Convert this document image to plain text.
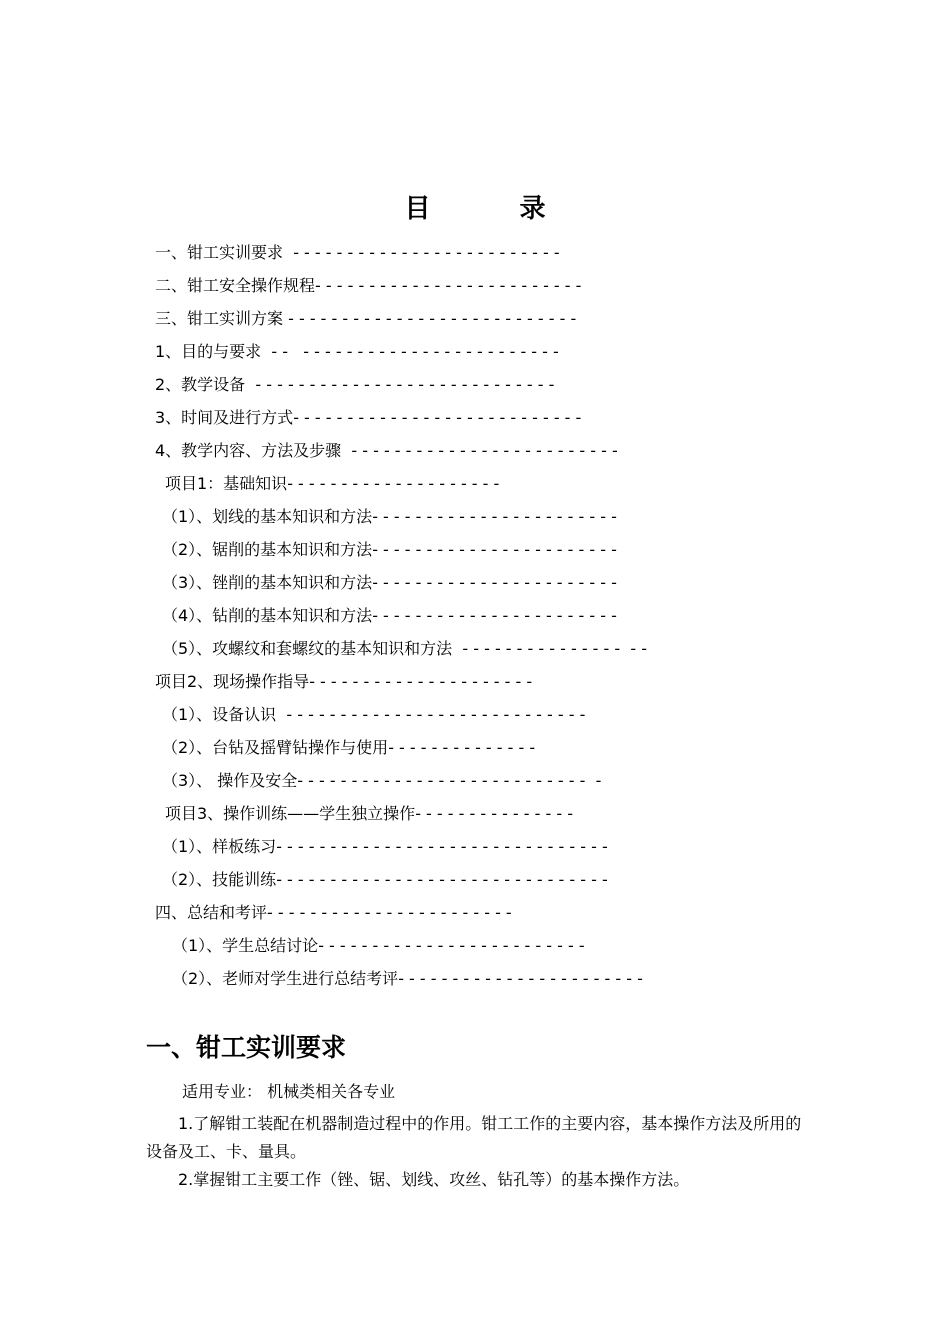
目 录
一、钳工实训要求  - - - - - - - - - - - - - - - - - - - - - - - - -
二、钳工安全操作规程- - - - - - - - - - - - - - - - - - - - - - - - -
三、钳工实训方案 - - - - - - - - - - - - - - - - - - - - - - - - - - -
1、目的与要求  - -   - - - - - - - - - - - - - - - - - - - - - - - -
2、教学设备  - - - - - - - - - - - - - - - - - - - - - - - - - - - -
3、时间及进行方式- - - - - - - - - - - - - - - - - - - - - - - - - - -
4、教学内容、方法及步骤  - - - - - - - - - - - - - - - - - - - - - - - - -
项目1：基础知识- - - - - - - - - - - - - - - - - - - -
（1）、划线的基本知识和方法- - - - - - - - - - - - - - - - - - - - - - -
（2）、锯削的基本知识和方法- - - - - - - - - - - - - - - - - - - - - - -
（3）、锉削的基本知识和方法- - - - - - - - - - - - - - - - - - - - - - -
（4）、钻削的基本知识和方法- - - - - - - - - - - - - - - - - - - - - - -
（5）、攻螺纹和套螺纹的基本知识和方法  - - - - - - - - - - - - - - -  - -
项目2、现场操作指导- - - - - - - - - - - - - - - - - - - - -
（1）、设备认识  - - - - - - - - - - - - - - - - - - - - - - - - - - - -
（2）、台钻及摇臂钻操作与使用- - - - - - - - - - - - - -
（3）、 操作及安全- - - - - - - - - - - - - - - - - - - - - - - - - - -  -
项目3、操作训练——学生独立操作- - - - - - - - - - - - - - -
（1）、样板练习- - - - - - - - - - - - - - - - - - - - - - - - - - - - - - -
（2）、技能训练- - - - - - - - - - - - - - - - - - - - - - - - - - - - - - -
四、总结和考评- - - - - - - - - - - - - - - - - - - - - - -
（1）、学生总结讨论- - - - - - - - - - - - - - - - - - - - - - - - -
（2）、老师对学生进行总结考评- - - - - - - - - - - - - - - - - - - - - - -
一、钳工实训要求

适用专业： 机械类相关各专业

1.了解钳工装配在机器制造过程中的作用。钳工工作的主要内容，基本操作方法及所用的设备及工、卡、量具。

2.掌握钳工主要工作（锉、锯、划线、攻丝、钻孔等）的基本操作方法。
